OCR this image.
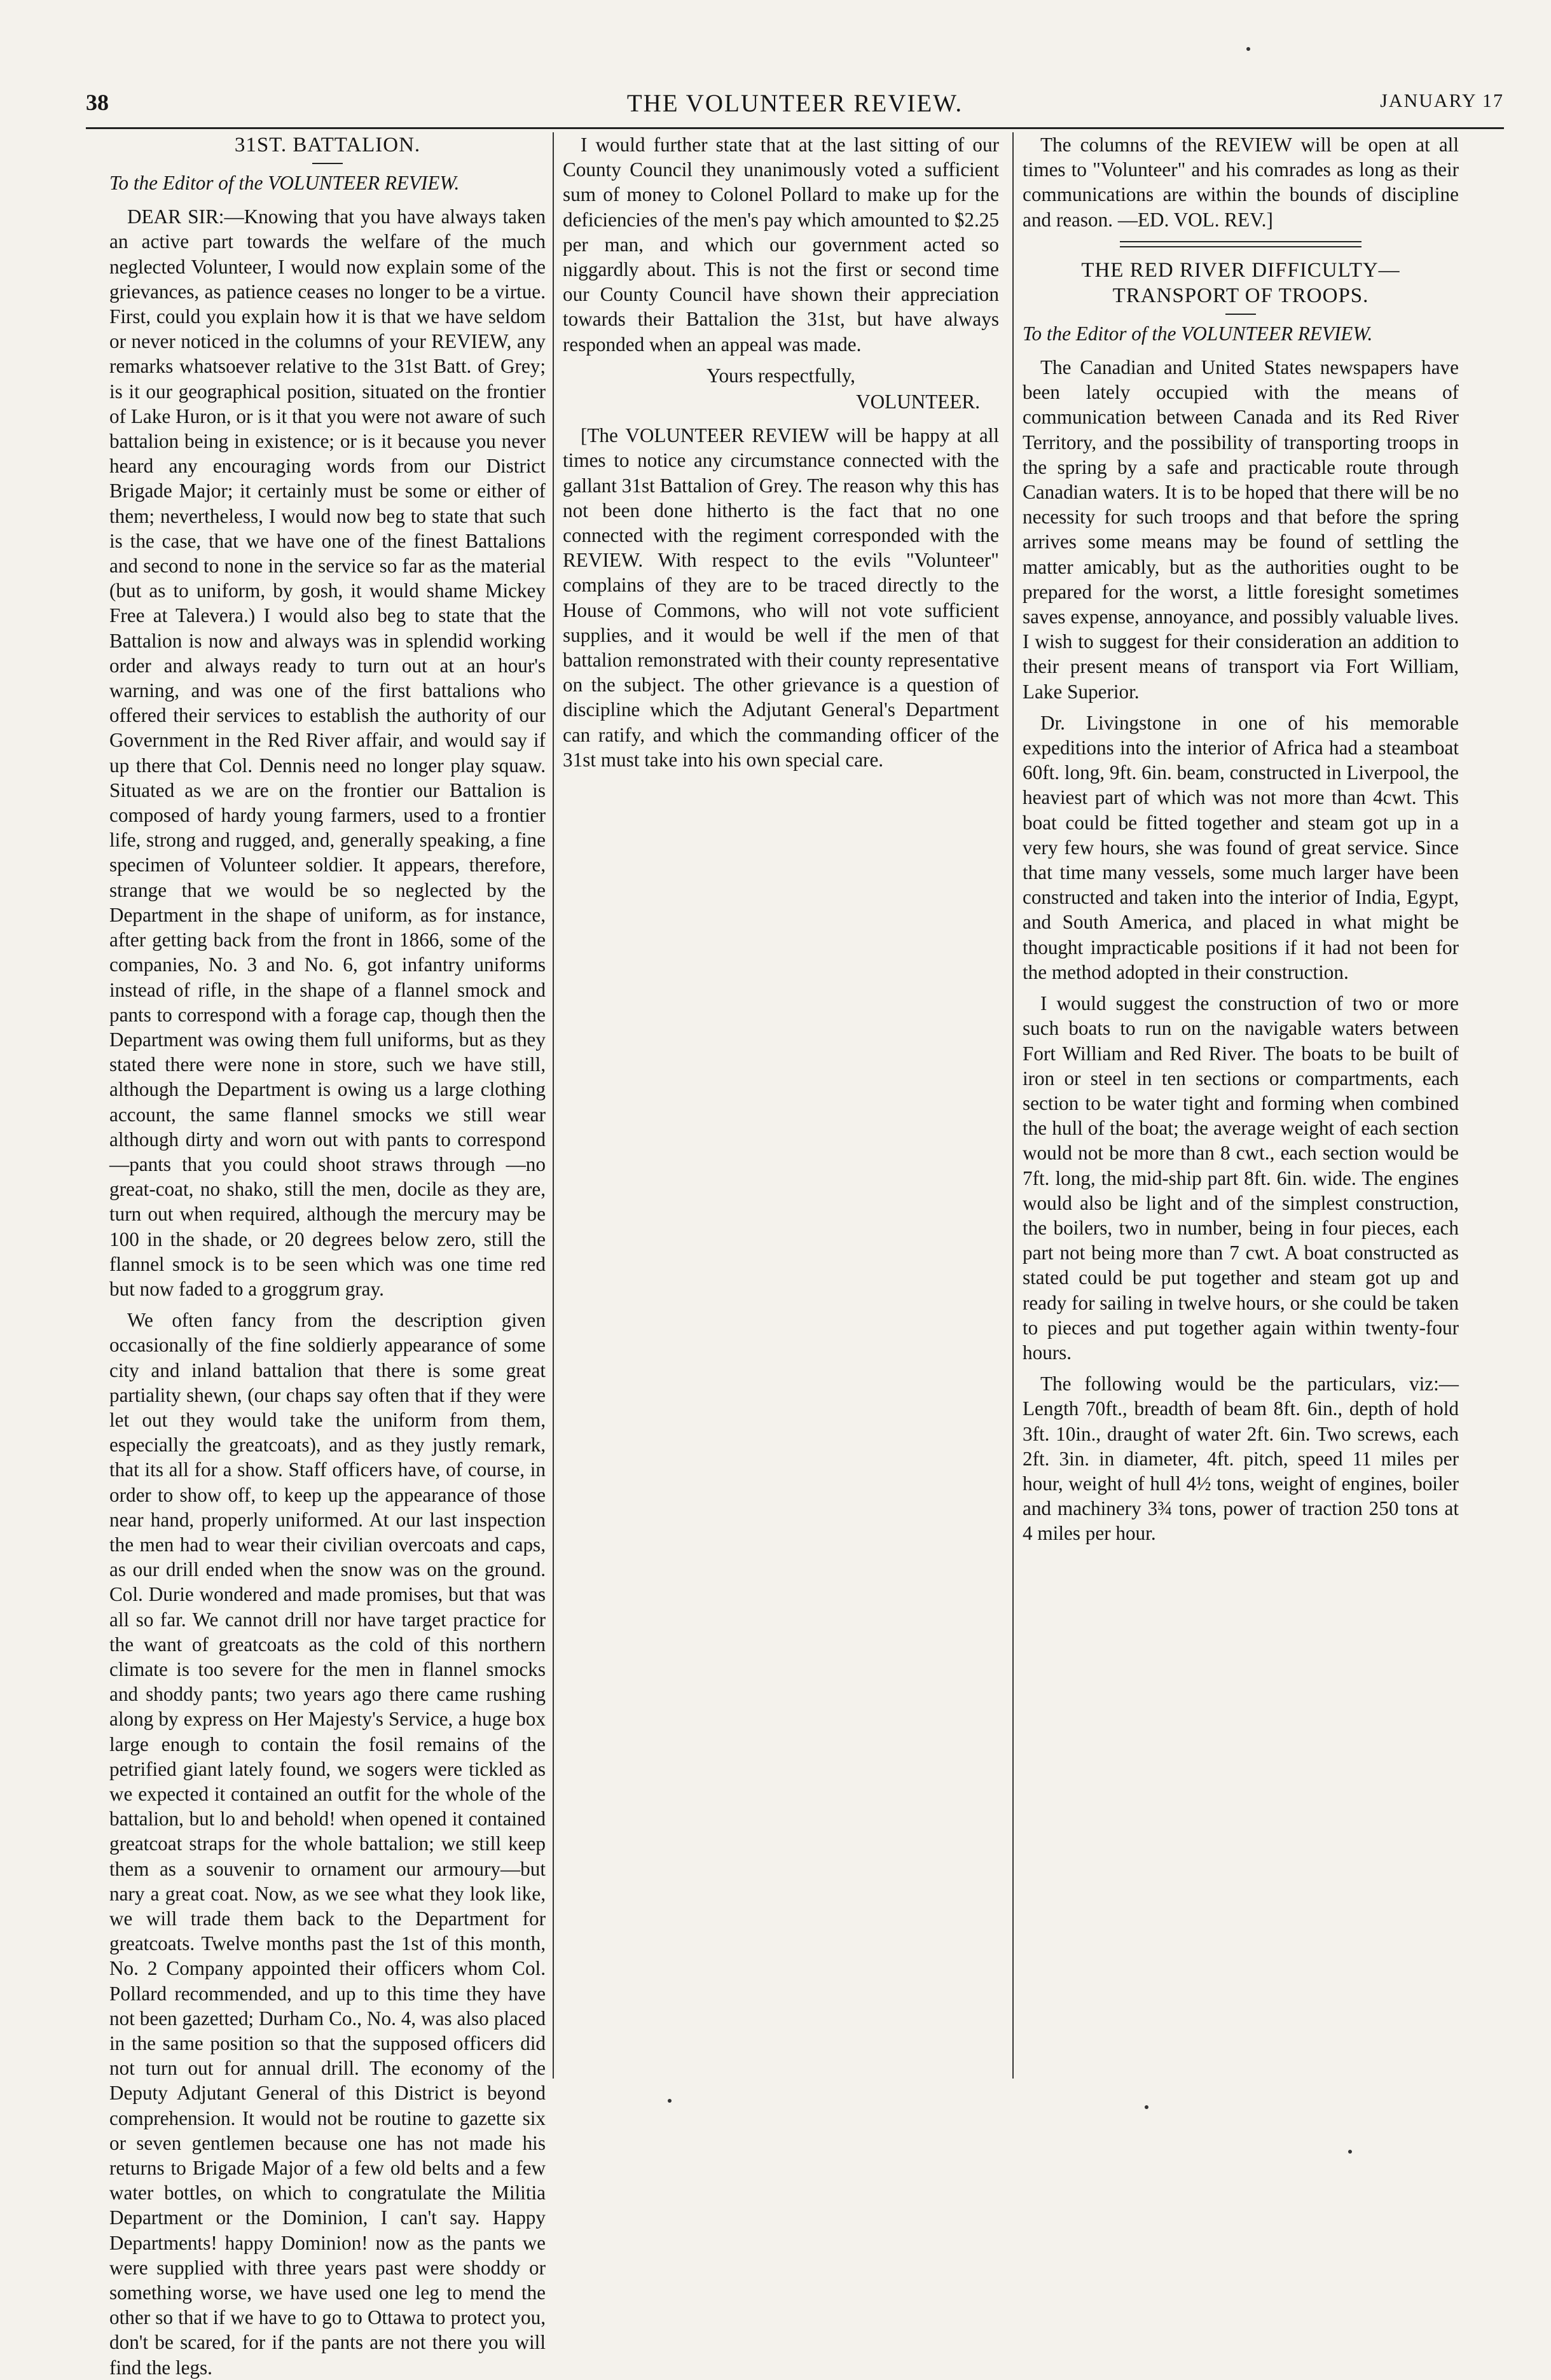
38	THE VOLUNTEER REVIEW.	JANUARY 17
31ST. BATTALION.
To the Editor of the VOLUNTEER REVIEW.

DEAR SIR:—Knowing that you have always taken an active part towards the welfare of the much neglected Volunteer, I would now explain some of the grievances, as patience ceases no longer to be a virtue. First, could you explain how it is that we have seldom or never noticed in the columns of your REVIEW, any remarks whatsoever relative to the 31st Batt. of Grey; is it our geographical position, situated on the frontier of Lake Huron, or is it that you were not aware of such battalion being in existence; or is it because you never heard any encouraging words from our District Brigade Major; it certainly must be some or either of them; nevertheless, I would now beg to state that such is the case, that we have one of the finest Battalions and second to none in the service so far as the material (but as to uniform, by gosh, it would shame Mickey Free at Talevera.) I would also beg to state that the Battalion is now and always was in splendid working order and always ready to turn out at an hour's warning, and was one of the first battalions who offered their services to establish the authority of our Government in the Red River affair, and would say if up there that Col. Dennis need no longer play squaw. Situated as we are on the frontier our Battalion is composed of hardy young farmers, used to a frontier life, strong and rugged, and, generally speaking, a fine specimen of Volunteer soldier. It appears, therefore, strange that we would be so neglected by the Department in the shape of uniform, as for instance, after getting back from the front in 1866, some of the companies, No. 3 and No. 6, got infantry uniforms instead of rifle, in the shape of a flannel smock and pants to correspond with a forage cap, though then the Department was owing them full uniforms, but as they stated there were none in store, such we have still, although the Department is owing us a large clothing account, the same flannel smocks we still wear although dirty and worn out with pants to correspond —pants that you could shoot straws through —no great-coat, no shako, still the men, docile as they are, turn out when required, although the mercury may be 100 in the shade, or 20 degrees below zero, still the flannel smock is to be seen which was one time red but now faded to a groggrum gray.

We often fancy from the description given occasionally of the fine soldierly appearance of some city and inland battalion that there is some great partiality shewn, (our chaps say often that if they were let out they would take the uniform from them, especially the greatcoats), and as they justly remark, that its all for a show. Staff officers have, of course, in order to show off, to keep up the appearance of those near hand, properly uniformed. At our last inspection the men had to wear their civilian overcoats and caps, as our drill ended when the snow was on the ground. Col. Durie wondered and made promises, but that was all so far. We cannot drill nor have target practice for the want of greatcoats as the cold of this northern climate is too severe for the men in flannel smocks and shoddy pants; two years ago there came rushing along by express on Her Majesty's Service, a huge box large enough to contain the fosil remains of the petrified giant lately found, we sogers were tickled as we expected it contained an outfit for the whole of the battalion, but lo and behold! when opened it contained greatcoat straps for the whole battalion; we still keep them as a souvenir to ornament our armoury—but nary a great coat. Now, as we see what they look like, we will trade them back to the Department for greatcoats. Twelve months past the 1st of this month, No. 2 Company appointed their officers whom Col. Pollard recommended, and up to this time they have not been gazetted; Durham Co., No. 4, was also placed in the same position so that the supposed officers did not turn out for annual drill. The economy of the Deputy Adjutant General of this District is beyond comprehension. It would not be routine to gazette six or seven gentlemen because one has not made his returns to Brigade Major of a few old belts and a few water bottles, on which to congratulate the Militia Department or the Dominion, I can't say. Happy Departments! happy Dominion! now as the pants we were supplied with three years past were shoddy or something worse, we have used one leg to mend the other so that if we have to go to Ottawa to protect you, don't be scared, for if the pants are not there you will find the legs.

I would further state that at the last sitting of our County Council they unanimously voted a sufficient sum of money to Colonel Pollard to make up for the deficiencies of the men's pay which amounted to $2.25 per man, and which our government acted so niggardly about. This is not the first or second time our County Council have shown their appreciation towards their Battalion the 31st, but have always responded when an appeal was made.

Yours respectfully,
VOLUNTEER.

[The VOLUNTEER REVIEW will be happy at all times to notice any circumstance connected with the gallant 31st Battalion of Grey. The reason why this has not been done hitherto is the fact that no one connected with the regiment corresponded with the REVIEW. With respect to the evils "Volunteer" complains of they are to be traced directly to the House of Commons, who will not vote sufficient supplies, and it would be well if the men of that battalion remonstrated with their county representative on the subject. The other grievance is a question of discipline which the Adjutant General's Department can ratify, and which the commanding officer of the 31st must take into his own special care.

The columns of the REVIEW will be open at all times to "Volunteer" and his comrades as long as their communications are within the bounds of discipline and reason. —ED. VOL. REV.]

THE RED RIVER DIFFICULTY—TRANSPORT OF TROOPS.
To the Editor of the VOLUNTEER REVIEW.

The Canadian and United States newspapers have been lately occupied with the means of communication between Canada and its Red River Territory, and the possibility of transporting troops in the spring by a safe and practicable route through Canadian waters. It is to be hoped that there will be no necessity for such troops and that before the spring arrives some means may be found of settling the matter amicably, but as the authorities ought to be prepared for the worst, a little foresight sometimes saves expense, annoyance, and possibly valuable lives. I wish to suggest for their consideration an addition to their present means of transport via Fort William, Lake Superior.

Dr. Livingstone in one of his memorable expeditions into the interior of Africa had a steamboat 60ft. long, 9ft. 6in. beam, constructed in Liverpool, the heaviest part of which was not more than 4cwt. This boat could be fitted together and steam got up in a very few hours, she was found of great service. Since that time many vessels, some much larger have been constructed and taken into the interior of India, Egypt, and South America, and placed in what might be thought impracticable positions if it had not been for the method adopted in their construction.

I would suggest the construction of two or more such boats to run on the navigable waters between Fort William and Red River. The boats to be built of iron or steel in ten sections or compartments, each section to be water tight and forming when combined the hull of the boat; the average weight of each section would not be more than 8 cwt., each section would be 7ft. long, the mid-ship part 8ft. 6in. wide. The engines would also be light and of the simplest construction, the boilers, two in number, being in four pieces, each part not being more than 7 cwt. A boat constructed as stated could be put together and steam got up and ready for sailing in twelve hours, or she could be taken to pieces and put together again within twenty-four hours.

The following would be the particulars, viz:—Length 70ft., breadth of beam 8ft. 6in., depth of hold 3ft. 10in., draught of water 2ft. 6in. Two screws, each 2ft. 3in. in diameter, 4ft. pitch, speed 11 miles per hour, weight of hull 4½ tons, weight of engines, boiler and machinery 3¾ tons, power of traction 250 tons at 4 miles per hour.
